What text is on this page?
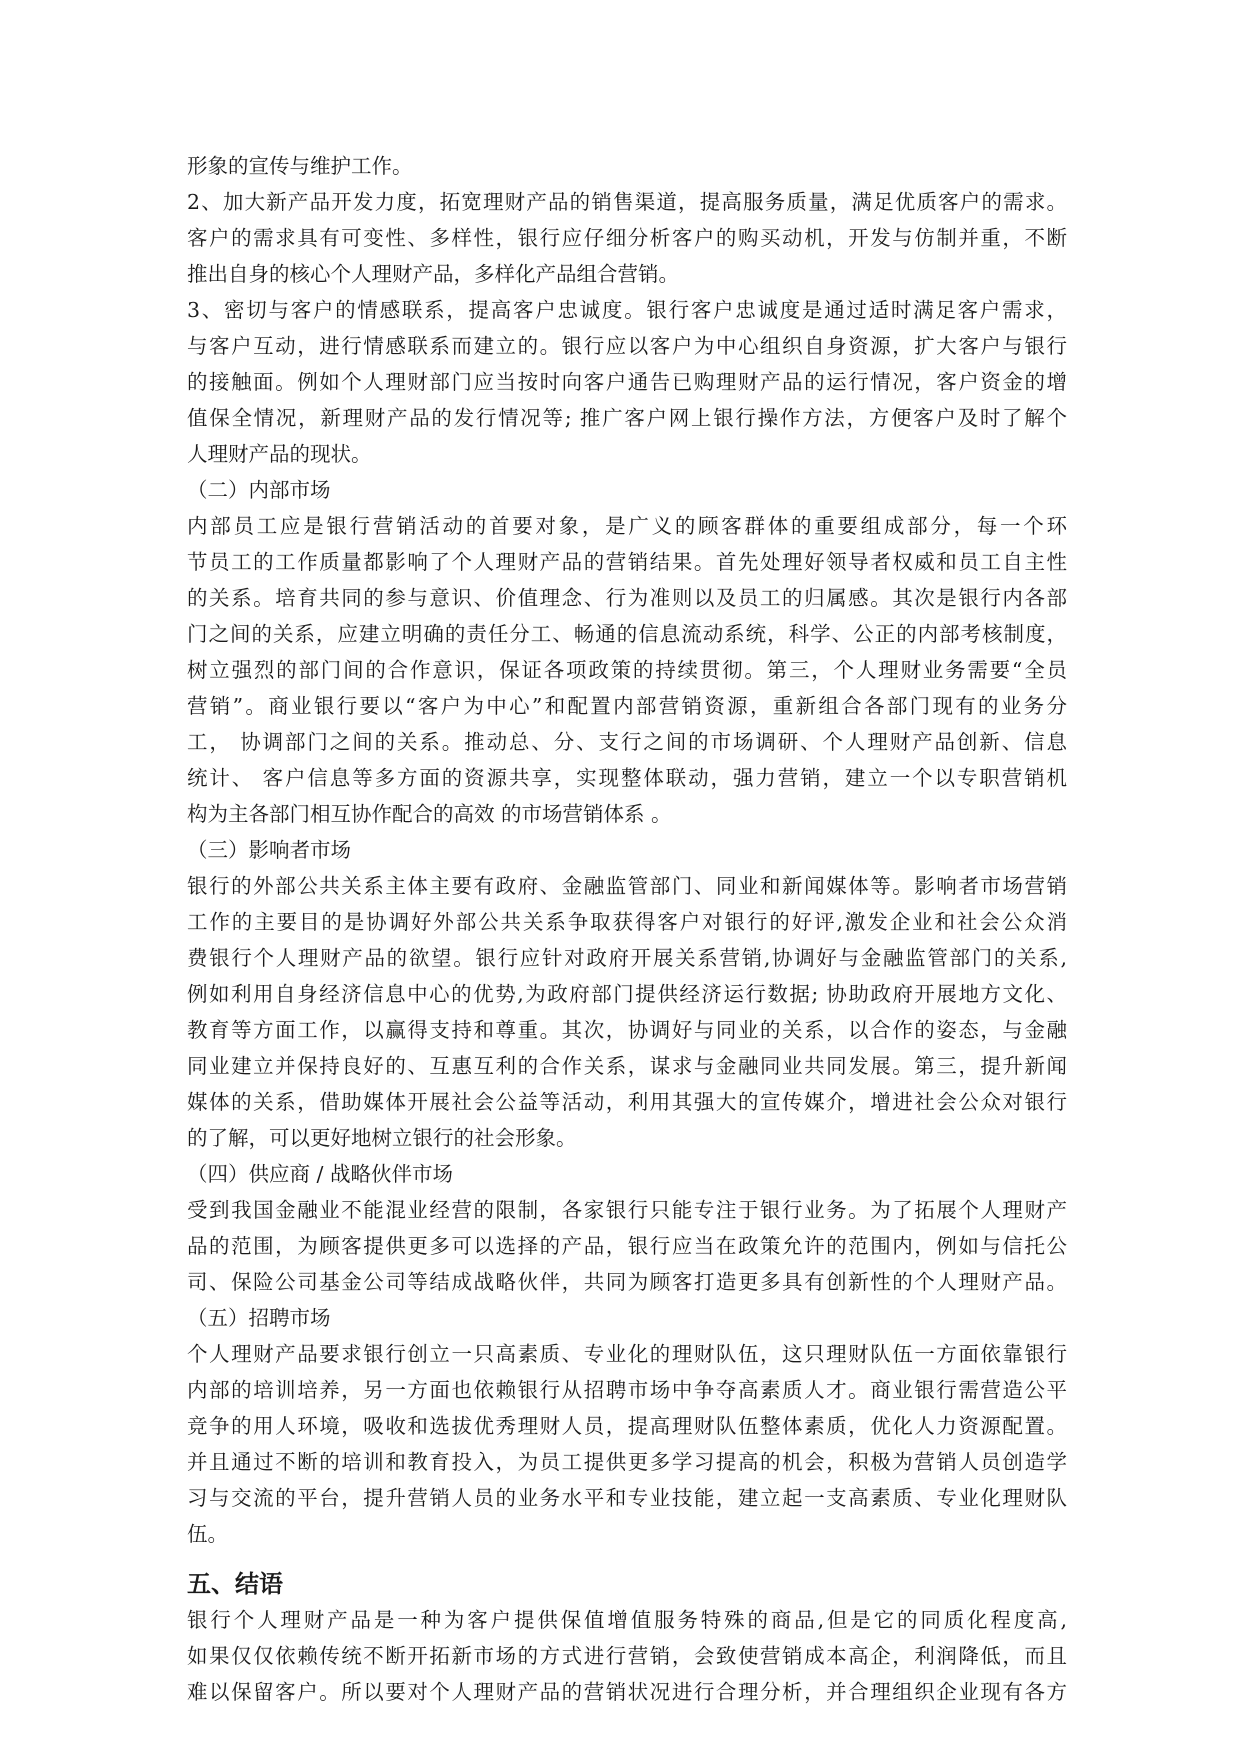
形象的宣传与维护工作。
2、加大新产品开发力度，拓宽理财产品的销售渠道，提高服务质量，满足优质客户的需求。
客户的需求具有可变性、多样性，银行应仔细分析客户的购买动机，开发与仿制并重，不断
推出自身的核心个人理财产品，多样化产品组合营销。
3、密切与客户的情感联系，提高客户忠诚度。银行客户忠诚度是通过适时满足客户需求，
与客户互动，进行情感联系而建立的。银行应以客户为中心组织自身资源，扩大客户与银行
的接触面。例如个人理财部门应当按时向客户通告已购理财产品的运行情况，客户资金的增
值保全情况，新理财产品的发行情况等; 推广客户网上银行操作方法，方便客户及时了解个
人理财产品的现状。
（二）内部市场
内部员工应是银行营销活动的首要对象，是广义的顾客群体的重要组成部分，每一个环
节员工的工作质量都影响了个人理财产品的营销结果。首先处理好领导者权威和员工自主性
的关系。培育共同的参与意识、价值理念、行为准则以及员工的归属感。其次是银行内各部
门之间的关系，应建立明确的责任分工、畅通的信息流动系统，科学、公正的内部考核制度，
树立强烈的部门间的合作意识，保证各项政策的持续贯彻。第三，个人理财业务需要“全员
营销”。商业银行要以“客户为中心”和配置内部营销资源，重新组合各部门现有的业务分
工， 协调部门之间的关系。推动总、分、支行之间的市场调研、个人理财产品创新、信息
统计、 客户信息等多方面的资源共享，实现整体联动，强力营销，建立一个以专职营销机
构为主各部门相互协作配合的高效 的市场营销体系 。
（三）影响者市场
银行的外部公共关系主体主要有政府、金融监管部门、同业和新闻媒体等。影响者市场营销
工作的主要目的是协调好外部公共关系争取获得客户对银行的好评,激发企业和社会公众消
费银行个人理财产品的欲望。银行应针对政府开展关系营销,协调好与金融监管部门的关系,
例如利用自身经济信息中心的优势,为政府部门提供经济运行数据; 协助政府开展地方文化、
教育等方面工作，以赢得支持和尊重。其次，协调好与同业的关系，以合作的姿态，与金融
同业建立并保持良好的、互惠互利的合作关系，谋求与金融同业共同发展。第三，提升新闻
媒体的关系，借助媒体开展社会公益等活动，利用其强大的宣传媒介，增进社会公众对银行
的了解，可以更好地树立银行的社会形象。
（四）供应商 / 战略伙伴市场
受到我国金融业不能混业经营的限制，各家银行只能专注于银行业务。为了拓展个人理财产
品的范围，为顾客提供更多可以选择的产品，银行应当在政策允许的范围内，例如与信托公
司、保险公司基金公司等结成战略伙伴，共同为顾客打造更多具有创新性的个人理财产品。
（五）招聘市场
个人理财产品要求银行创立一只高素质、专业化的理财队伍，这只理财队伍一方面依靠银行
内部的培训培养，另一方面也依赖银行从招聘市场中争夺高素质人才。商业银行需营造公平
竞争的用人环境，吸收和选拔优秀理财人员，提高理财队伍整体素质，优化人力资源配置。
并且通过不断的培训和教育投入，为员工提供更多学习提高的机会，积极为营销人员创造学
习与交流的平台，提升营销人员的业务水平和专业技能，建立起一支高素质、专业化理财队
伍。
五、结语
银行个人理财产品是一种为客户提供保值增值服务特殊的商品,但是它的同质化程度高,
如果仅仅依赖传统不断开拓新市场的方式进行营销，会致使营销成本高企，利润降低，而且
难以保留客户。所以要对个人理财产品的营销状况进行合理分析，并合理组织企业现有各方
